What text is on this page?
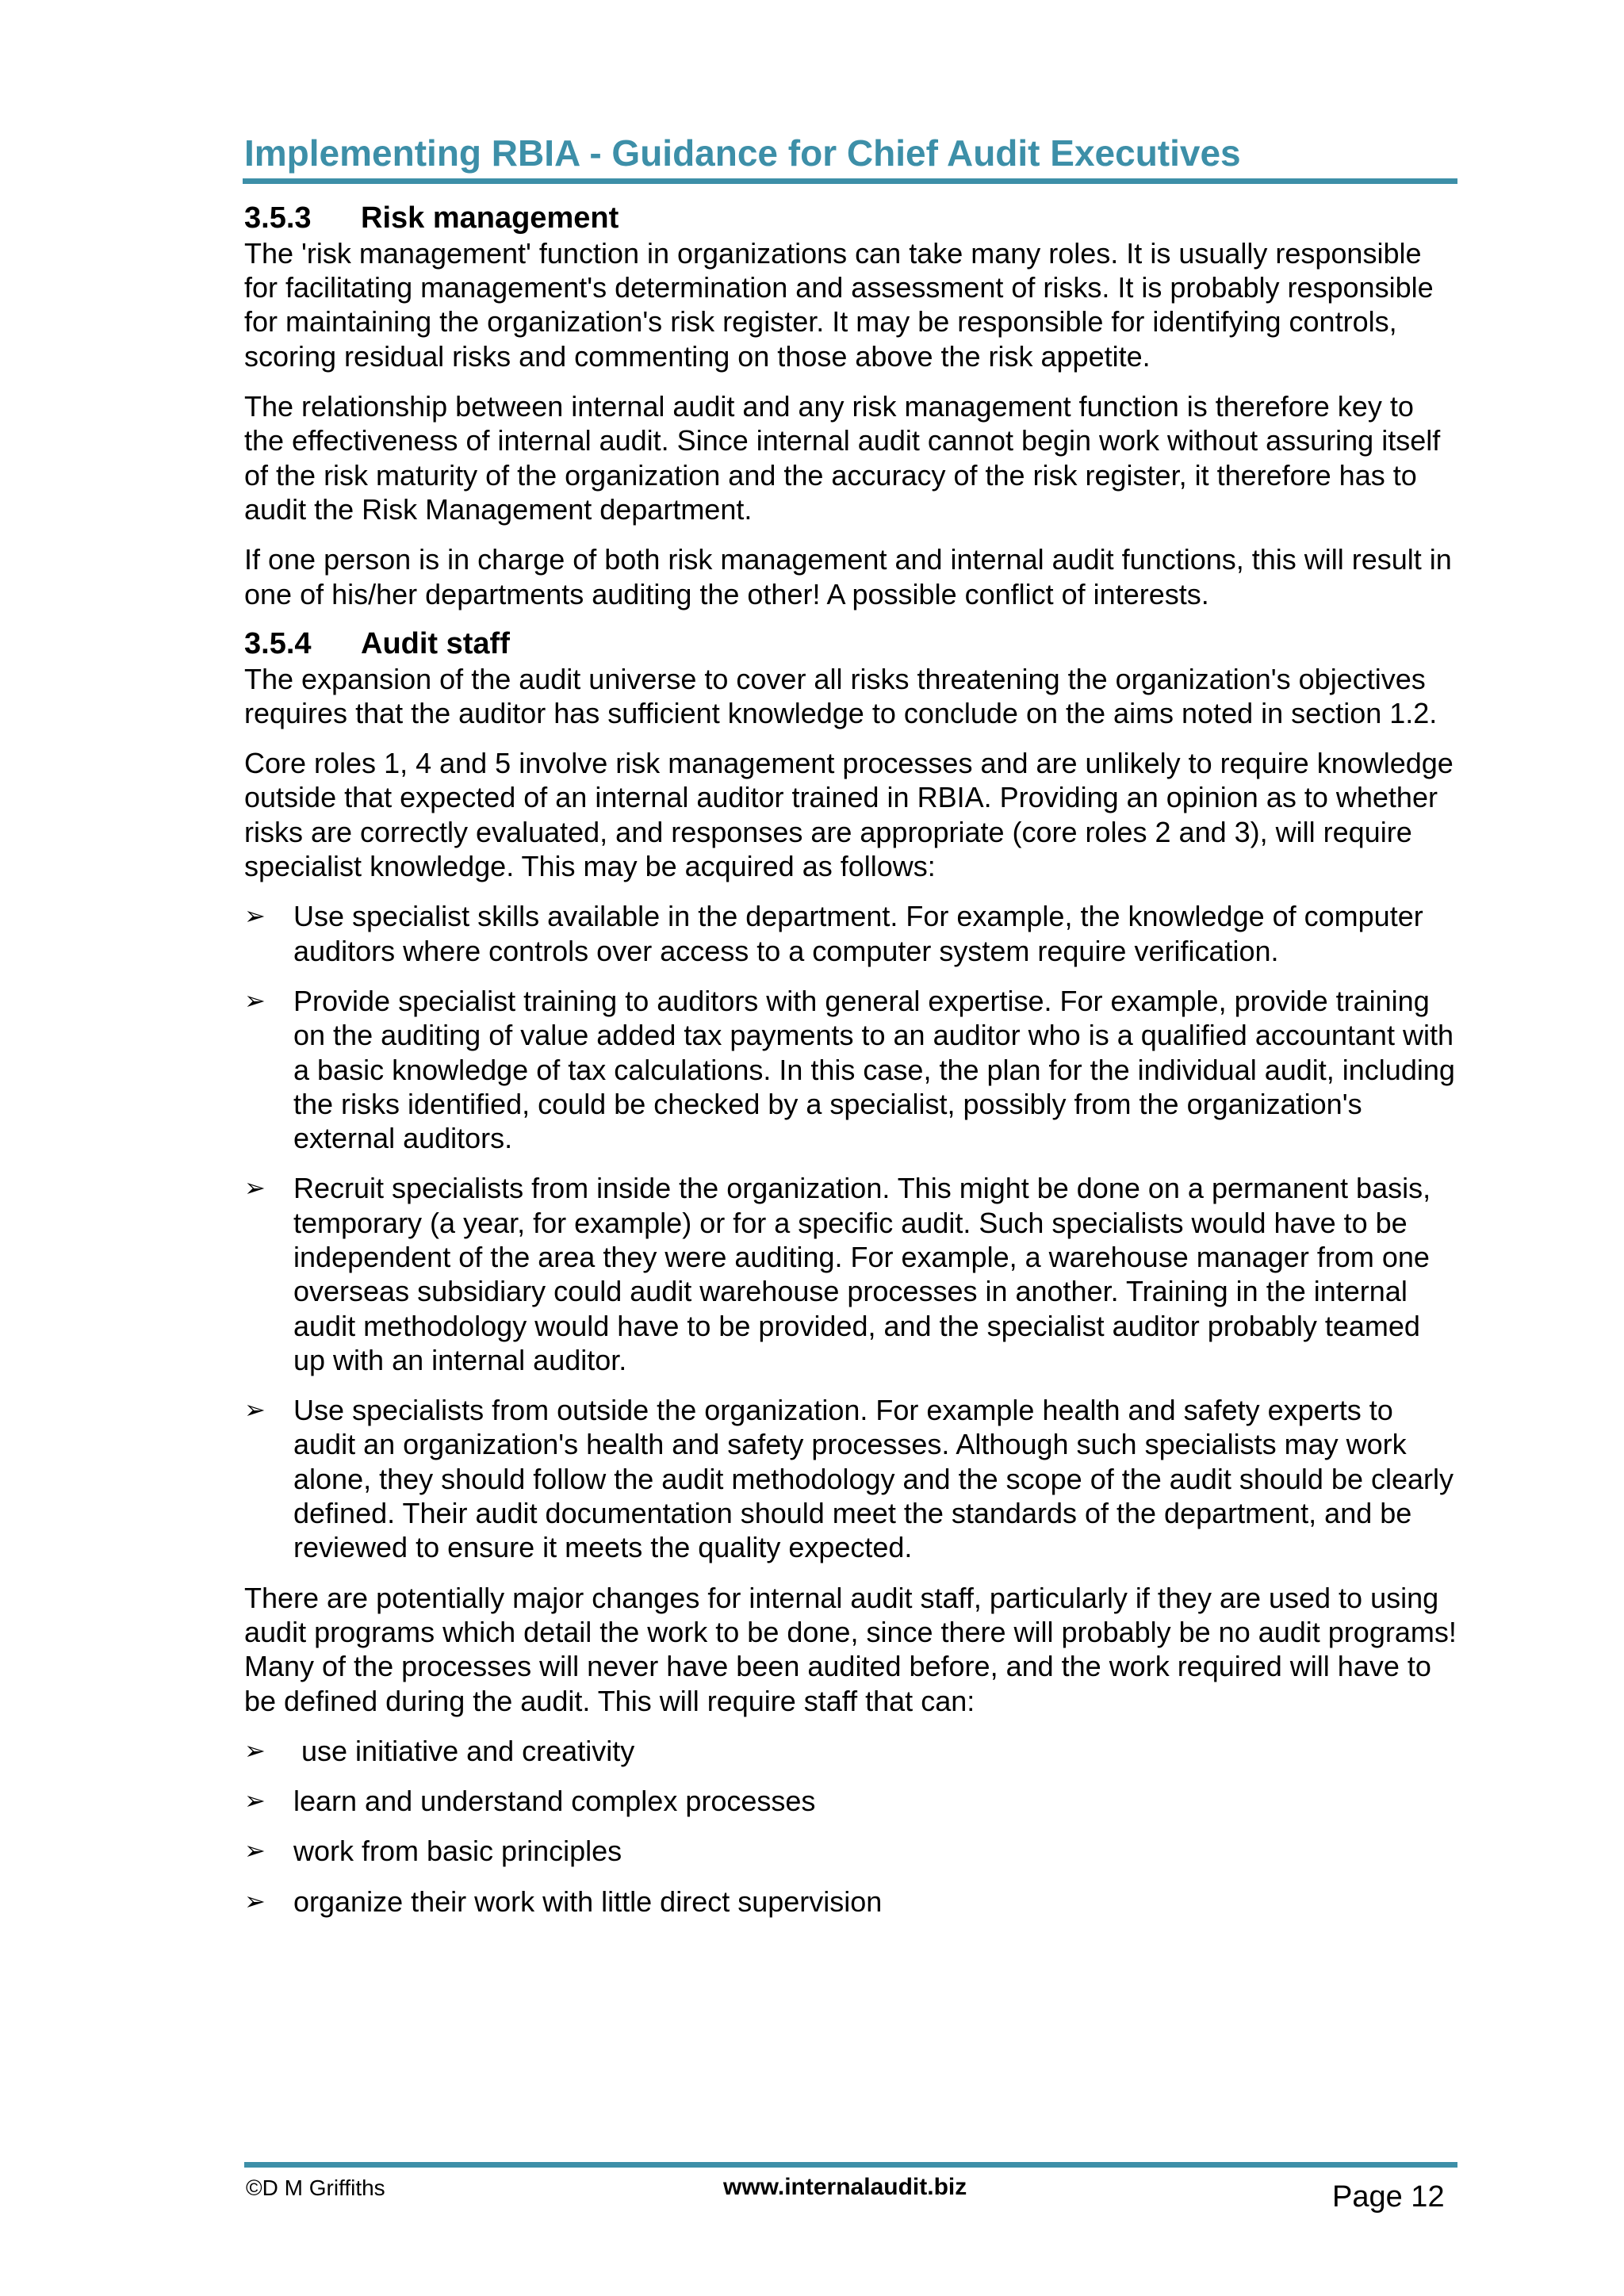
Implementing RBIA - Guidance for Chief Audit Executives
3.5.3	Risk management

The 'risk management' function in organizations can take many roles. It is usually responsible for facilitating management's determination and assessment of risks. It is probably responsible for maintaining the organization's risk register. It may be responsible for identifying controls, scoring residual risks and commenting on those above the risk appetite.

The relationship between internal audit and any risk management function is therefore key to the effectiveness of internal audit. Since internal audit cannot begin work without assuring itself of the risk maturity of the organization and the accuracy of the risk register, it therefore has to audit the Risk Management department.

If one person is in charge of both risk management and internal audit functions, this will result in one of his/her departments auditing the other! A possible conflict of interests.

3.5.4	Audit staff

The expansion of the audit universe to cover all risks threatening the organization's objectives requires that the auditor has sufficient knowledge to conclude on the aims noted in section 1.2.

Core roles 1, 4 and 5 involve risk management processes and are unlikely to require knowledge outside that expected of an internal auditor trained in RBIA. Providing an opinion as to whether risks are correctly evaluated, and responses are appropriate (core roles 2 and 3), will require specialist knowledge. This may be acquired as follows:

➢ Use specialist skills available in the department. For example, the knowledge of computer auditors where controls over access to a computer system require verification.
➢ Provide specialist training to auditors with general expertise. For example, provide training on the auditing of value added tax payments to an auditor who is a qualified accountant with a basic knowledge of tax calculations. In this case, the plan for the individual audit, including the risks identified, could be checked by a specialist, possibly from the organization's external auditors.
➢ Recruit specialists from inside the organization. This might be done on a permanent basis, temporary (a year, for example) or for a specific audit. Such specialists would have to be independent of the area they were auditing. For example, a warehouse manager from one overseas subsidiary could audit warehouse processes in another. Training in the internal audit methodology would have to be provided, and the specialist auditor probably teamed up with an internal auditor.
➢ Use specialists from outside the organization. For example health and safety experts to audit an organization's health and safety processes. Although such specialists may work alone, they should follow the audit methodology and the scope of the audit should be clearly defined. Their audit documentation should meet the standards of the department, and be reviewed to ensure it meets the quality expected.

There are potentially major changes for internal audit staff, particularly if they are used to using audit programs which detail the work to be done, since there will probably be no audit programs! Many of the processes will never have been audited before, and the work required will have to be defined during the audit. This will require staff that can:

➢ use initiative and creativity
➢ learn and understand complex processes
➢ work from basic principles
➢ organize their work with little direct supervision
©D M Griffiths	www.internalaudit.biz	Page 12
